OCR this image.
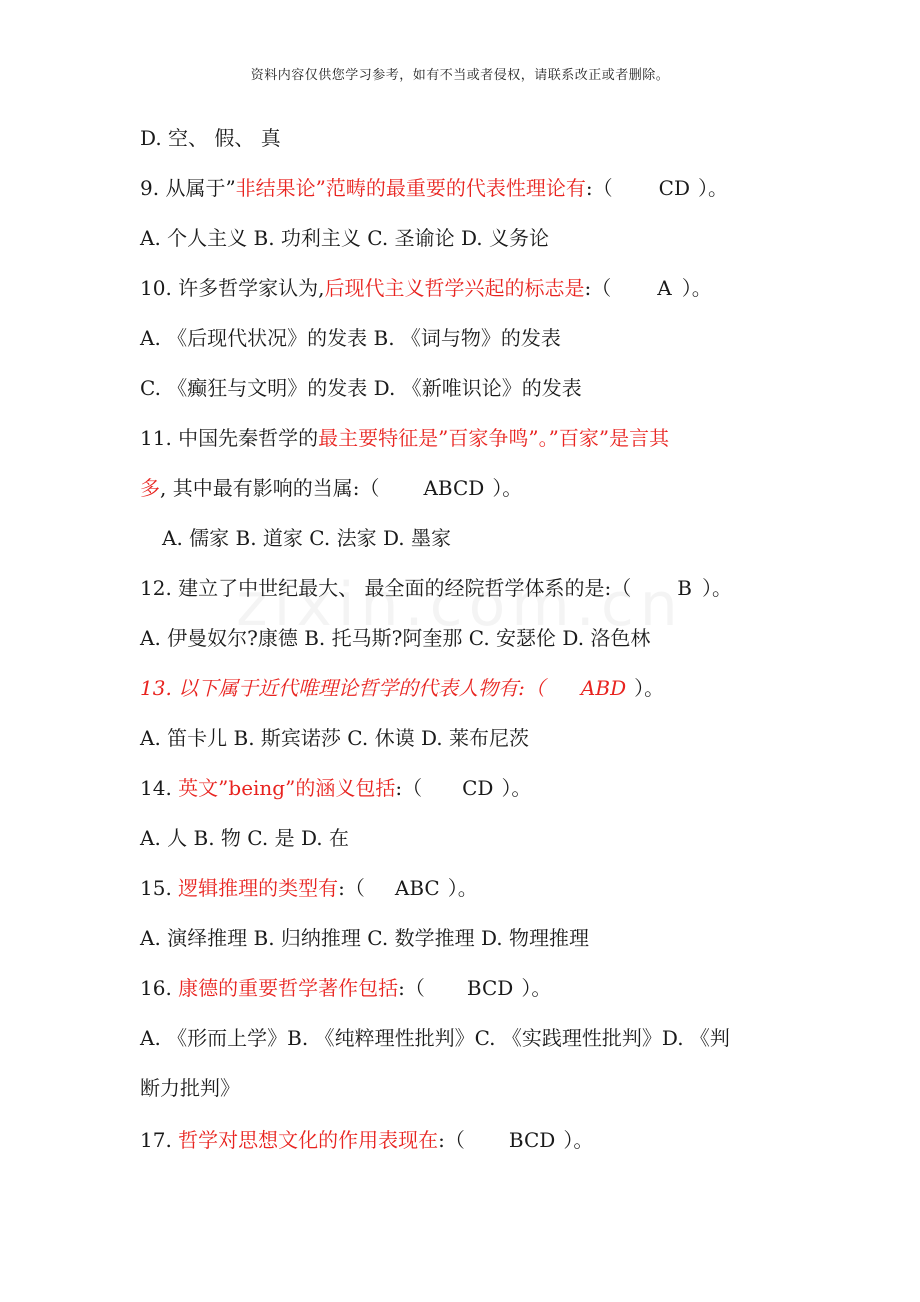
资料内容仅供您学习参考，如有不当或者侵权，请联系改正或者删除。
D. 空、 假、 真
9. 从属于”非结果论”范畴的最重要的代表性理论有:（ CD ）。
A. 个人主义 B. 功利主义 C. 圣谕论 D. 义务论
10. 许多哲学家认为,后现代主义哲学兴起的标志是:（ A ）。
A. 《后现代状况》的发表 B. 《词与物》的发表
C. 《癫狂与文明》的发表 D. 《新唯识论》的发表
11. 中国先秦哲学的最主要特征是”百家争鸣”。”百家”是言其
多, 其中最有影响的当属:（ ABCD ）。
A. 儒家 B. 道家 C. 法家 D. 墨家
12. 建立了中世纪最大、 最全面的经院哲学体系的是:（ B ）。
A. 伊曼奴尔?康德 B. 托马斯?阿奎那 C. 安瑟伦 D. 洛色林
13. 以下属于近代唯理论哲学的代表人物有:（ ABD ）。
A. 笛卡儿 B. 斯宾诺莎 C. 休谟 D. 莱布尼茨
14. 英文”being”的涵义包括:（ CD ）。
A. 人 B. 物 C. 是 D. 在
15. 逻辑推理的类型有:（ ABC ）。
A. 演绎推理 B. 归纳推理 C. 数学推理 D. 物理推理
16. 康德的重要哲学著作包括:（ BCD ）。
A. 《形而上学》B. 《纯粹理性批判》C. 《实践理性批判》D. 《判
断力批判》
17. 哲学对思想文化的作用表现在:（ BCD ）。
